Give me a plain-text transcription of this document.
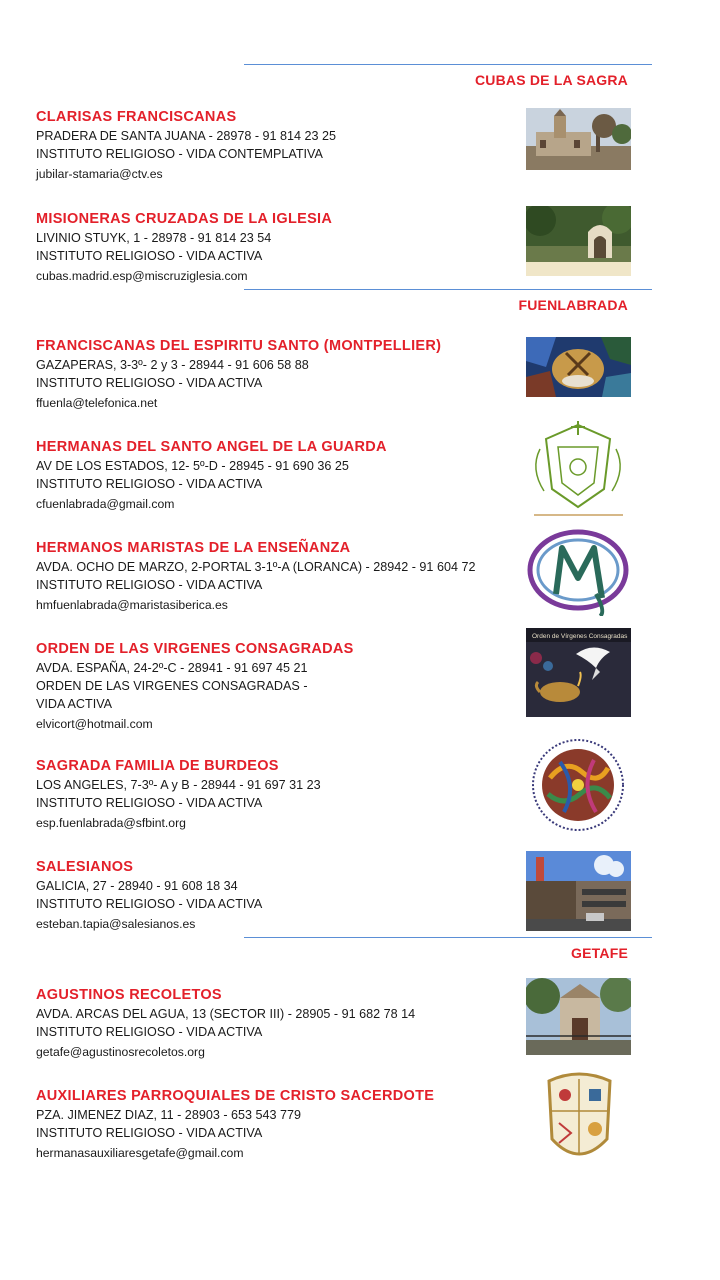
CUBAS DE LA SAGRA
CLARISAS FRANCISCANAS
PRADERA DE SANTA JUANA - 28978 - 91 814 23 25
INSTITUTO RELIGIOSO - VIDA CONTEMPLATIVA
jubilar-stamaria@ctv.es
MISIONERAS CRUZADAS DE LA IGLESIA
LIVINIO STUYK, 1 - 28978 - 91 814 23 54
INSTITUTO RELIGIOSO - VIDA ACTIVA
cubas.madrid.esp@miscruziglesia.com
FUENLABRADA
FRANCISCANAS DEL ESPIRITU SANTO (MONTPELLIER)
GAZAPERAS, 3-3º- 2 y 3 - 28944 - 91 606 58 88
INSTITUTO RELIGIOSO - VIDA ACTIVA
ffuenla@telefonica.net
HERMANAS DEL SANTO ANGEL DE LA GUARDA
AV DE LOS ESTADOS, 12- 5º-D - 28945 - 91 690 36 25
INSTITUTO RELIGIOSO - VIDA ACTIVA
cfuenlabrada@gmail.com
HERMANOS MARISTAS DE LA ENSEÑANZA
AVDA. OCHO DE MARZO, 2-PORTAL 3-1º-A (LORANCA) - 28942 - 91 604 72
INSTITUTO RELIGIOSO - VIDA ACTIVA
hmfuenlabrada@maristasiberica.es
ORDEN DE LAS VIRGENES CONSAGRADAS
AVDA. ESPAÑA, 24-2º-C - 28941 - 91 697 45 21
ORDEN DE LAS VIRGENES CONSAGRADAS -
VIDA ACTIVA
elvicort@hotmail.com
Orden de Vírgenes Consagradas
SAGRADA FAMILIA DE BURDEOS
LOS ANGELES, 7-3º- A y B - 28944 - 91 697 31 23
INSTITUTO RELIGIOSO - VIDA ACTIVA
esp.fuenlabrada@sfbint.org
SALESIANOS
GALICIA, 27 - 28940 - 91 608 18 34
INSTITUTO RELIGIOSO - VIDA ACTIVA
esteban.tapia@salesianos.es
GETAFE
AGUSTINOS RECOLETOS
AVDA. ARCAS DEL AGUA, 13 (SECTOR III) - 28905 - 91 682 78 14
INSTITUTO RELIGIOSO - VIDA ACTIVA
getafe@agustinosrecoletos.org
AUXILIARES PARROQUIALES DE CRISTO SACERDOTE
PZA. JIMENEZ DIAZ, 11 - 28903 - 653 543 779
INSTITUTO RELIGIOSO - VIDA ACTIVA
hermanasauxiliaresgetafe@gmail.com
